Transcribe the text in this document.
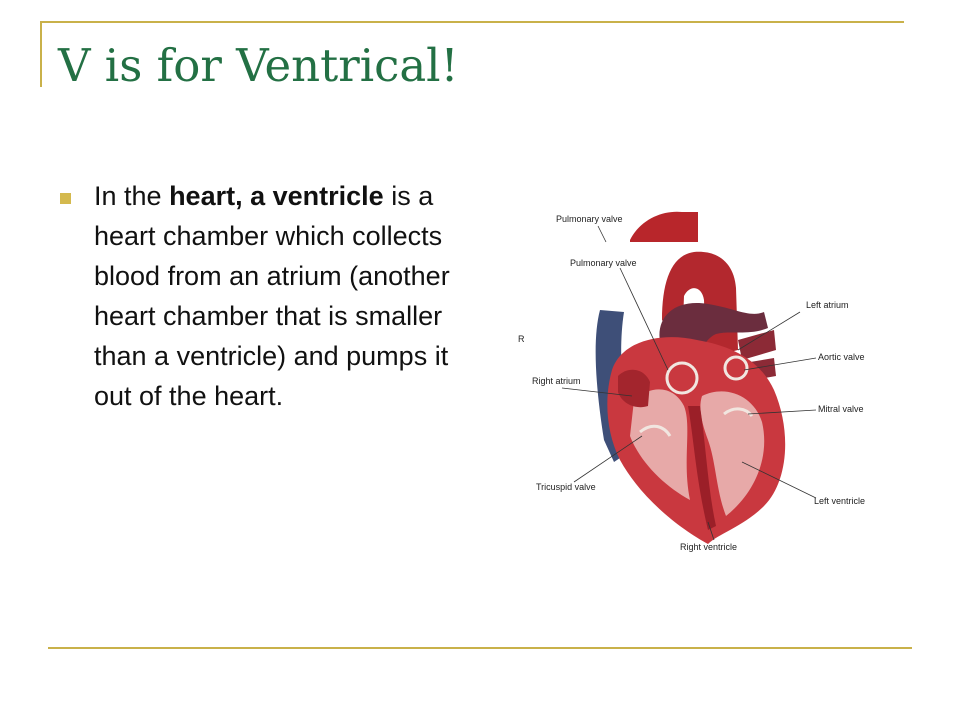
V is for Ventrical!

In the heart, a ventricle is a heart chamber which collects blood from an atrium (another heart chamber that is smaller than a ventricle) and pumps it out of the heart.

Pulmonary valve
Pulmonary valve
Left atrium
R
Aortic valve
Right atrium
Mitral valve
Tricuspid valve
Left ventricle
Right ventricle
